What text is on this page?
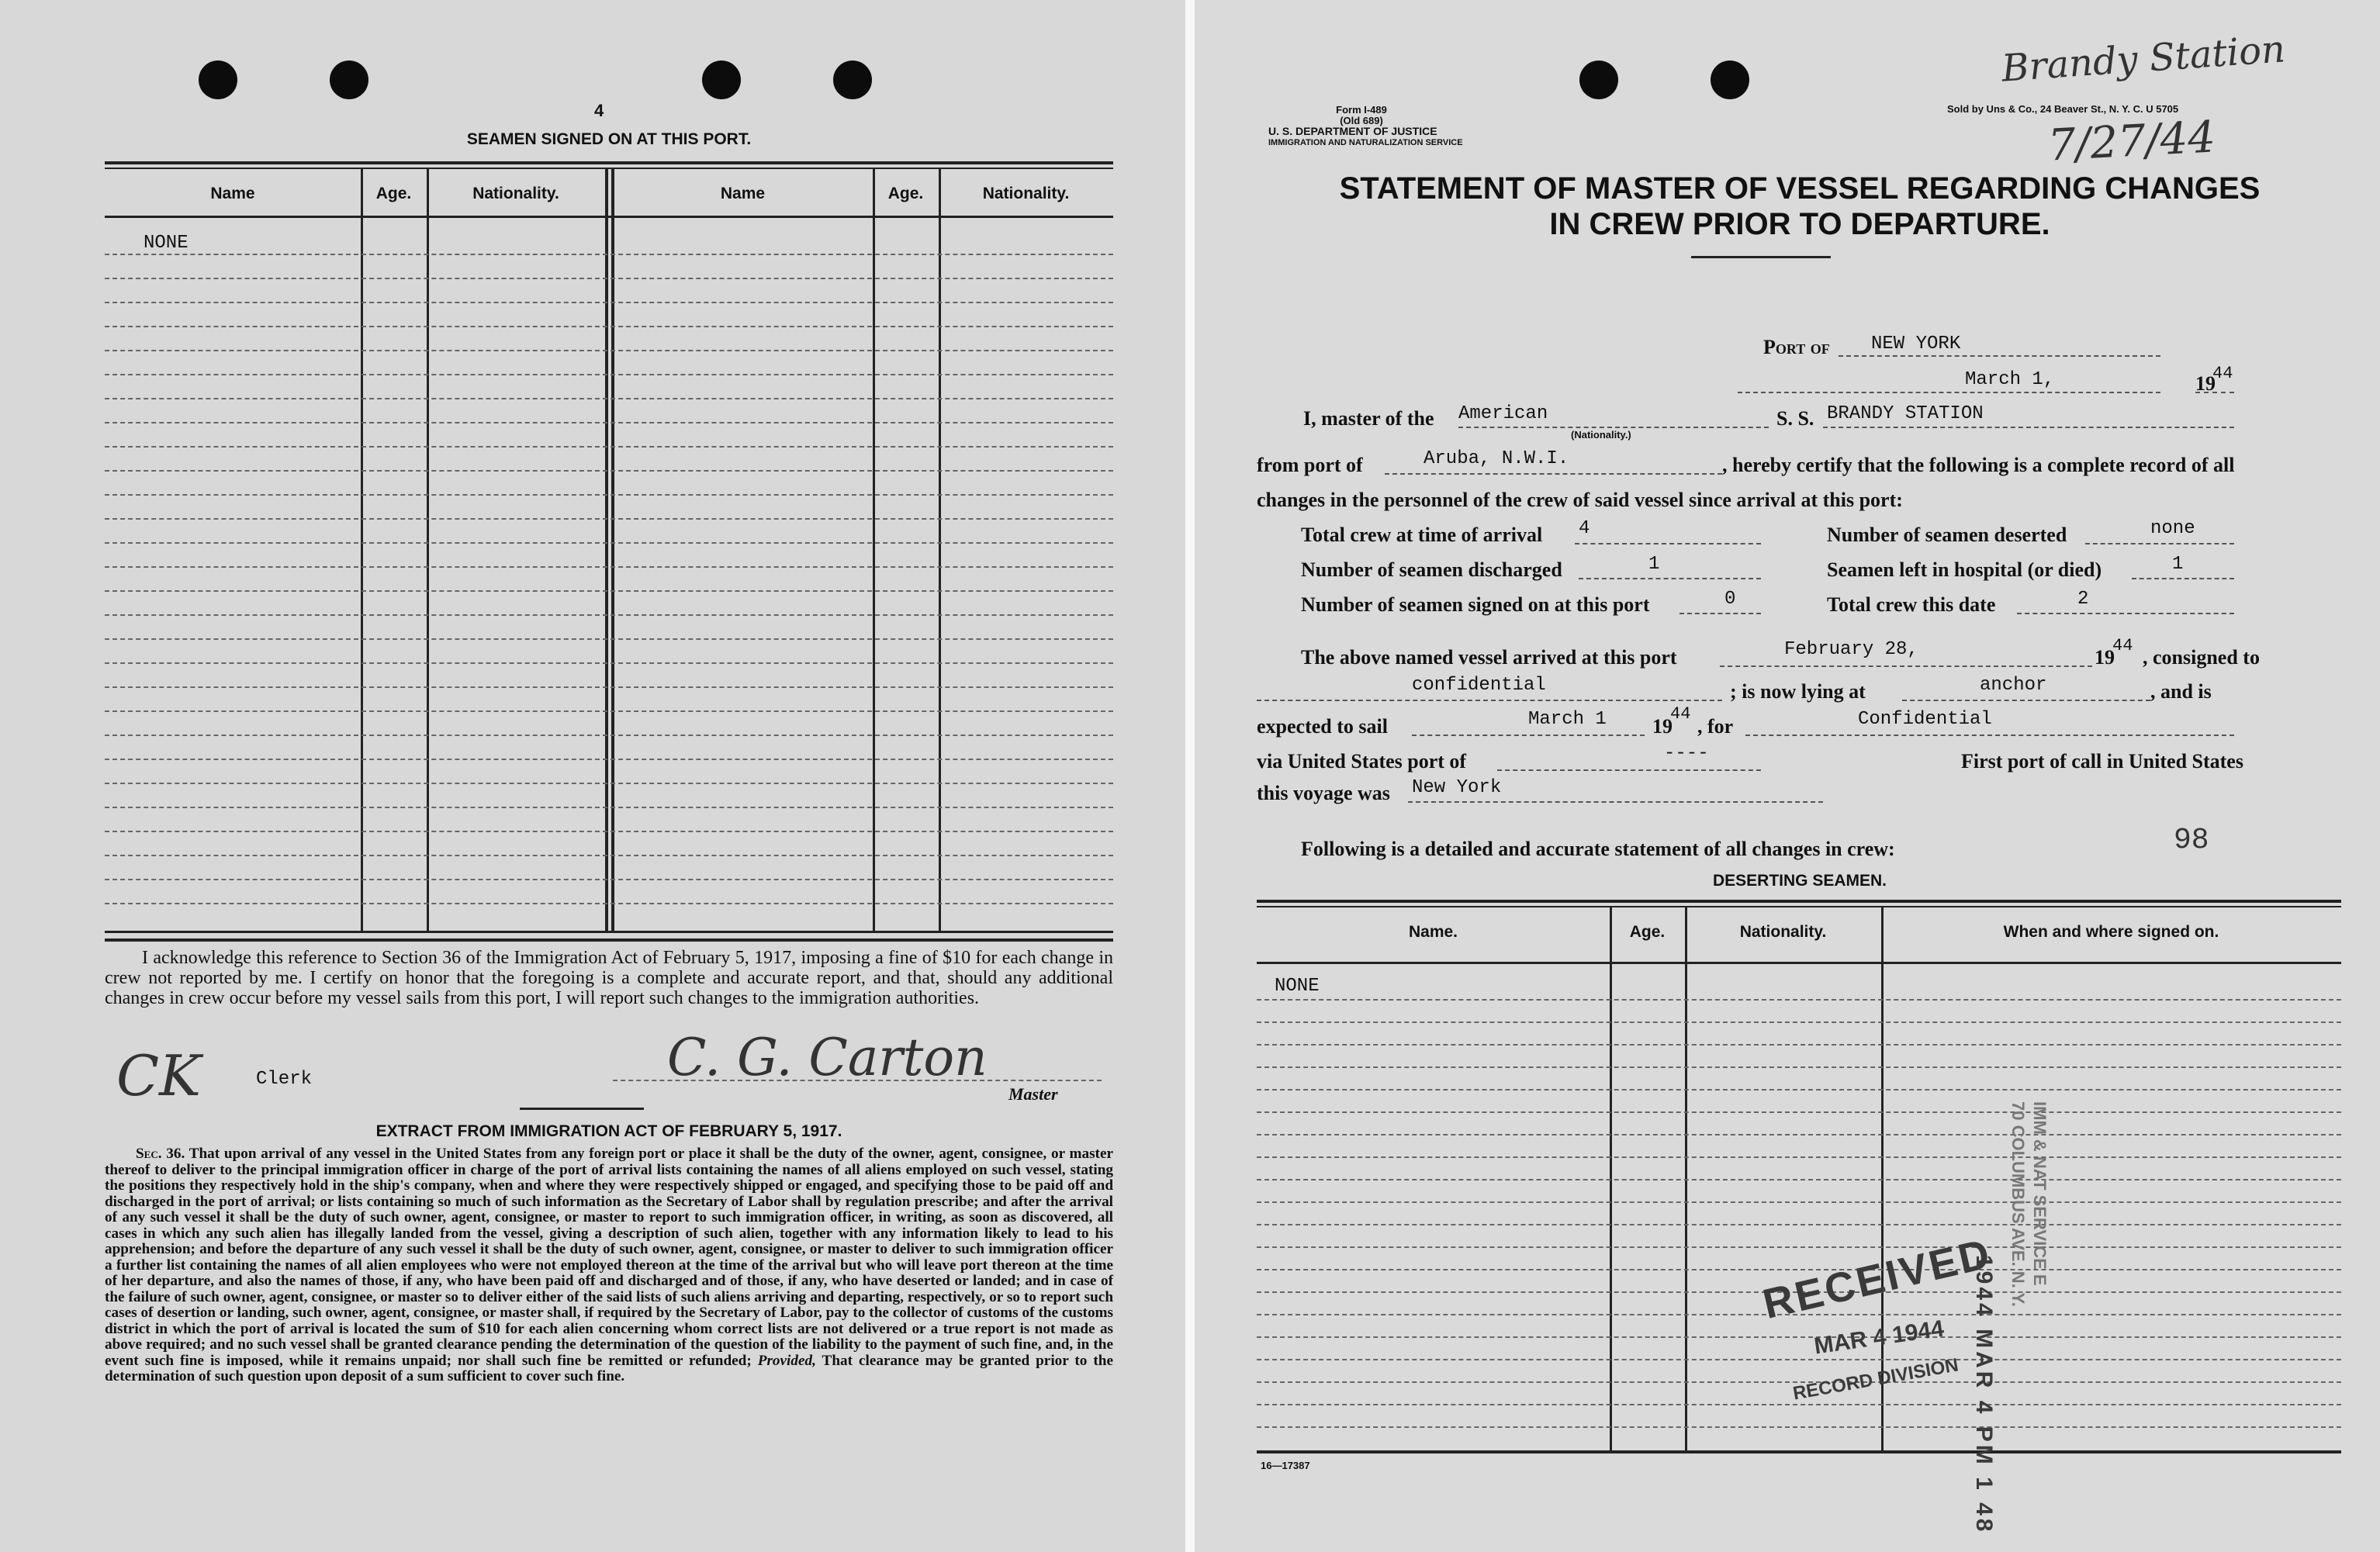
4
SEAMEN SIGNED ON AT THIS PORT.
Name	Age.	Nationality.	Name	Age.	Nationality.
NONE
I acknowledge this reference to Section 36 of the Immigration Act of February 5, 1917, imposing a fine of $10 for each change in crew not reported by me. I certify on honor that the foregoing is a complete and accurate report, and that, should any additional changes in crew occur before my vessel sails from this port, I will report such changes to the immigration authorities.
CK	Clerk	C. G. Carton
Master
EXTRACT FROM IMMIGRATION ACT OF FEBRUARY 5, 1917.
Sec. 36. That upon arrival of any vessel in the United States from any foreign port or place it shall be the duty of the owner, agent, consignee, or master thereof to deliver to the principal immigration officer in charge of the port of arrival lists containing the names of all aliens employed on such vessel, stating the positions they respectively hold in the ship's company, when and where they were respectively shipped or engaged, and specifying those to be paid off and discharged in the port of arrival; or lists containing so much of such information as the Secretary of Labor shall by regulation prescribe; and after the arrival of any such vessel it shall be the duty of such owner, agent, consignee, or master to report to such immigration officer, in writing, as soon as discovered, all cases in which any such alien has illegally landed from the vessel, giving a description of such alien, together with any information likely to lead to his apprehension; and before the departure of any such vessel it shall be the duty of such owner, agent, consignee, or master to deliver to such immigration officer a further list containing the names of all alien employees who were not employed thereon at the time of the arrival but who will leave port thereon at the time of her departure, and also the names of those, if any, who have been paid off and discharged and of those, if any, who have deserted or landed; and in case of the failure of such owner, agent, consignee, or master so to deliver either of the said lists of such aliens arriving and departing, respectively, or so to report such cases of desertion or landing, such owner, agent, consignee, or master shall, if required by the Secretary of Labor, pay to the collector of customs of the customs district in which the port of arrival is located the sum of $10 for each alien concerning whom correct lists are not delivered or a true report is not made as above required; and no such vessel shall be granted clearance pending the determination of the question of the liability to the payment of such fine, and, in the event such fine is imposed, while it remains unpaid; nor shall such fine be remitted or refunded; Provided, That clearance may be granted prior to the determination of such question upon deposit of a sum sufficient to cover such fine.
Form I-489
(Old 689)
U. S. DEPARTMENT OF JUSTICE
IMMIGRATION AND NATURALIZATION SERVICE
Sold by Uns & Co., 24 Beaver St., N. Y. C. U 5705
Brandy Station
7/27/44
STATEMENT OF MASTER OF VESSEL REGARDING CHANGES
IN CREW PRIOR TO DEPARTURE.
Port of NEW YORK
March 1,	19
44
I, master of the American
(Nationality.)
S. S. BRANDY STATION
from port of	Aruba, N.W.I.	, hereby certify that the following is a complete record of all
changes in the personnel of the crew of said vessel since arrival at this port:
Total crew at time of arrival 4	Number of seamen deserted	none
Number of seamen discharged	1	Seamen left in hospital (or died)	1
Number of seamen signed on at this port	0	Total crew this date	2
The above named vessel arrived at this port	February 28,	19
44
, consigned to
confidential	; is now lying at	anchor	, and is
expected to sail	March 1 19
44
, for	Confidential
via United States port of	----	First port of call in United States
this voyage was New York
Following is a detailed and accurate statement of all changes in crew:	98
DESERTING SEAMEN.
Name.	Age.	Nationality.	When and where signed on.
NONE
16—17387
RECEIVED
MAR 4 1944
RECORD DIVISION 1944 MAR 4 PM 1 48
IMM & NAT SERVICE E
70 COLUMBUS AVE. N. Y.
